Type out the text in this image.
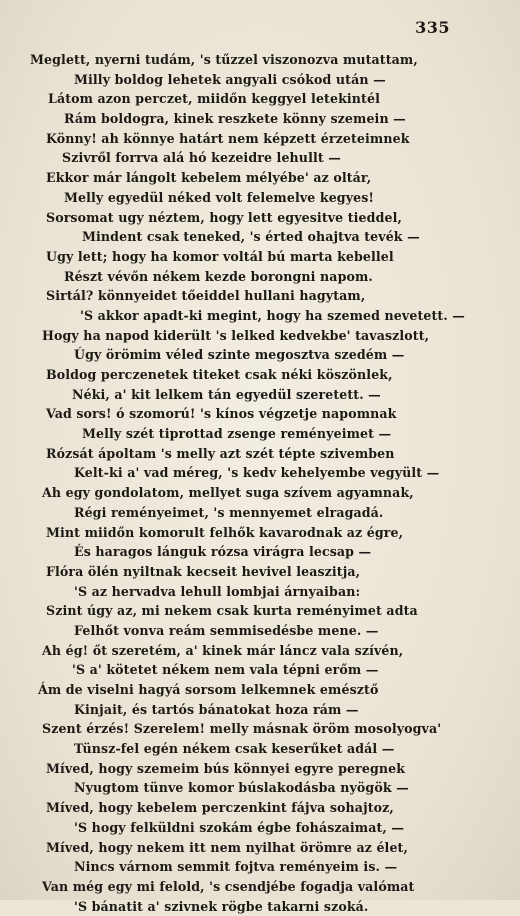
335
Meglett, nyerni tudám, 's tűzzel viszonozva mutattam,
Milly boldog lehetek angyali csókod után —
Látom azon perczet, miidőn keggyel letekintél
Rám boldogra, kinek reszkete könny szemein —
Könny! ah könnye határt nem képzett érzeteimnek
Szivről forrva alá hó kezeidre lehullt —
Ekkor már lángolt kebelem mélyébe' az oltár,
Melly egyedül néked volt felemelve kegyes!
Sorsomat ugy néztem, hogy lett egyesitve tieddel,
Mindent csak teneked, 's érted ohajtva tevék —
Ugy lett; hogy ha komor voltál bú marta kebellel
Részt vévőn nékem kezde borongni napom.
Sirtál? könnyeidet tőeiddel hullani hagytam,
'S akkor apadt-ki megint, hogy ha szemed nevetett. —
Hogy ha napod kiderült 's lelked kedvekbe' tavaszlott,
Úgy örömim véled szinte megosztva szedém —
Boldog perczenetek titeket csak néki köszönlek,
Néki, a' kit lelkem tán egyedül szeretett. —
Vad sors! ó szomorú! 's kínos végzetje napomnak
Melly szét tiprottad zsenge reményeimet —
Rózsát ápoltam 's melly azt szét tépte szivemben
Kelt-ki a' vad méreg, 's kedv kehelyembe vegyült —
Ah egy gondolatom, mellyet suga szívem agyamnak,
Régi reményeimet, 's mennyemet elragadá.
Mint miidőn komorult felhők kavarodnak az égre,
És haragos lánguk rózsa virágra lecsap —
Flóra ölén nyiltnak kecseit hevivel leaszitja,
'S az hervadva lehull lombjai árnyaiban:
Szint úgy az, mi nekem csak kurta reményimet adta
Felhőt vonva reám semmisedésbe mene. —
Ah ég! őt szeretém, a' kinek már láncz vala szívén,
'S a' kötetet nékem nem vala tépni erőm —
Ám de viselni hagyá sorsom lelkemnek emésztő
Kinjait, és tartós bánatokat hoza rám —
Szent érzés! Szerelem! melly másnak öröm mosolyogva'
Tünsz-fel egén nékem csak keserűket adál —
Míved, hogy szemeim bús könnyei egyre peregnek
Nyugtom tünve komor búslakodásba nyögök —
Míved, hogy kebelem perczenkint fájva sohajtoz,
'S hogy felküldni szokám égbe fohászaimat, —
Míved, hogy nekem itt nem nyilhat örömre az élet,
Nincs várnom semmit fojtva reményeim is. —
Van még egy mi felold, 's csendjébe fogadja valómat
'S bánatit a' szivnek rögbe takarni szoká.
